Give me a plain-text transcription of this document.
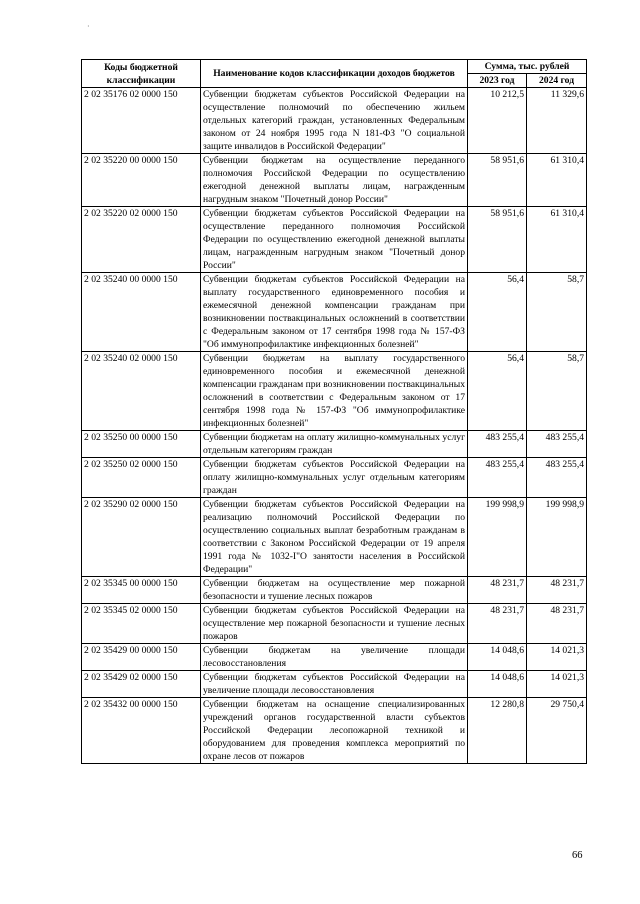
·
Коды бюджетной классификации	Наименование кодов классификации доходов бюджетов	Сумма, тыс. рублей	
		2023 год	2024 год
2 02 35176 02 0000 150	Субвенции бюджетам субъектов Российской Федерации на осуществление полномочий по обеспечению жильем отдельных категорий граждан, установленных Федеральным законом от 24 ноября 1995 года N 181-ФЗ "О социальной защите инвалидов в Российской Федерации"	10 212,5	11 329,6
2 02 35220 00 0000 150	Субвенции бюджетам на осуществление переданного полномочия Российской Федерации по осуществлению ежегодной денежной выплаты лицам, награжденным нагрудным знаком "Почетный донор России"	58 951,6	61 310,4
2 02 35220 02 0000 150	Субвенции бюджетам субъектов Российской Федерации на осуществление переданного полномочия Российской Федерации по осуществлению ежегодной денежной выплаты лицам, награжденным нагрудным знаком "Почетный донор России"	58 951,6	61 310,4
2 02 35240 00 0000 150	Субвенции бюджетам субъектов Российской Федерации на выплату государственного единовременного пособия и ежемесячной денежной компенсации гражданам при возникновении поствакцинальных осложнений в соответствии с Федеральным законом от 17 сентября 1998 года № 157-ФЗ "Об иммунопрофилактике инфекционных болезней"	56,4	58,7
2 02 35240 02 0000 150	Субвенции бюджетам на выплату государственного единовременного пособия и ежемесячной денежной компенсации гражданам при возникновении поствакцинальных осложнений в соответствии с Федеральным законом от 17 сентября 1998 года № 157-ФЗ "Об иммунопрофилактике инфекционных болезней"	56,4	58,7
2 02 35250 00 0000 150	Субвенции бюджетам на оплату жилищно-коммунальных услуг отдельным категориям граждан	483 255,4	483 255,4
2 02 35250 02 0000 150	Субвенции бюджетам субъектов Российской Федерации на оплату жилищно-коммунальных услуг отдельным категориям граждан	483 255,4	483 255,4
2 02 35290 02 0000 150	Субвенции бюджетам субъектов Российской Федерации на реализацию полномочий Российской Федерации по осуществлению социальных выплат безработным гражданам в соответствии с Законом Российской Федерации от 19 апреля 1991 года № 1032-I"О занятости населения в Российской Федерации"	199 998,9	199 998,9
2 02 35345 00 0000 150	Субвенции бюджетам на осуществление мер пожарной безопасности и тушение лесных пожаров	48 231,7	48 231,7
2 02 35345 02 0000 150	Субвенции бюджетам субъектов Российской Федерации на осуществление мер пожарной безопасности и тушение лесных пожаров	48 231,7	48 231,7
2 02 35429 00 0000 150	Субвенции бюджетам на увеличение площади лесовосстановления	14 048,6	14 021,3
2 02 35429 02 0000 150	Субвенции бюджетам субъектов Российской Федерации на увеличение площади лесовосстановления	14 048,6	14 021,3
2 02 35432 00 0000 150	Субвенции бюджетам на оснащение специализированных учреждений органов государственной власти субъектов Российской Федерации лесопожарной техникой и оборудованием для проведения комплекса мероприятий по охране лесов от пожаров	12 280,8	29 750,4
66
